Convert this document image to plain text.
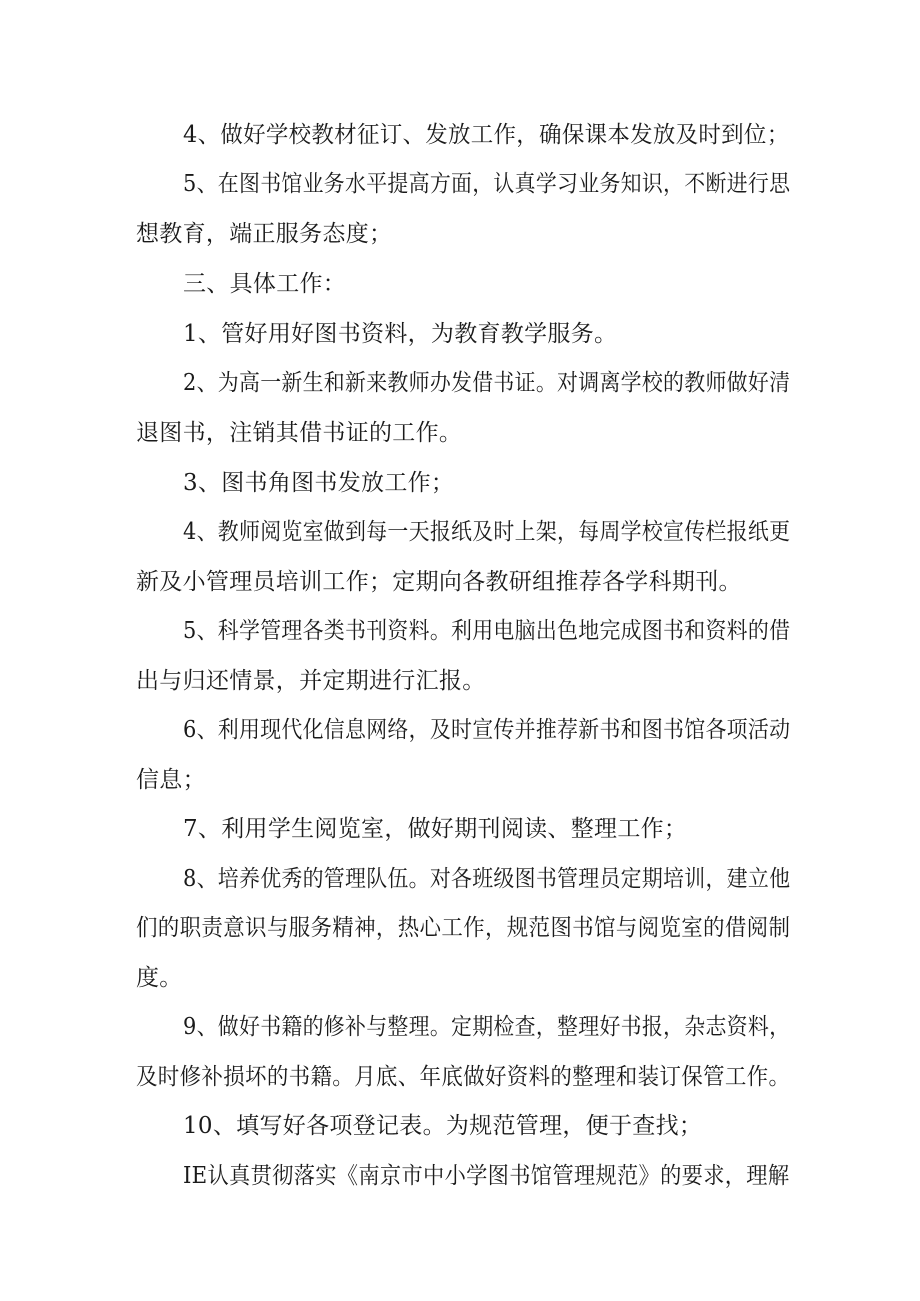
4、做好学校教材征订、发放工作，确保课本发放及时到位；
5、在图书馆业务水平提高方面，认真学习业务知识，不断进行思
想教育，端正服务态度；
三、具体工作：
1、管好用好图书资料，为教育教学服务。
2、为高一新生和新来教师办发借书证。对调离学校的教师做好清
退图书，注销其借书证的工作。
3、图书角图书发放工作；
4、教师阅览室做到每一天报纸及时上架，每周学校宣传栏报纸更
新及小管理员培训工作；定期向各教研组推荐各学科期刊。
5、科学管理各类书刊资料。利用电脑出色地完成图书和资料的借
出与归还情景，并定期进行汇报。
6、利用现代化信息网络，及时宣传并推荐新书和图书馆各项活动
信息；
7、利用学生阅览室，做好期刊阅读、整理工作；
8、培养优秀的管理队伍。对各班级图书管理员定期培训，建立他
们的职责意识与服务精神，热心工作，规范图书馆与阅览室的借阅制
度。
9、做好书籍的修补与整理。定期检查，整理好书报，杂志资料，
及时修补损坏的书籍。月底、年底做好资料的整理和装订保管工作。
10、填写好各项登记表。为规范管理，便于查找；
IE认真贯彻落实《南京市中小学图书馆管理规范》的要求，理解
